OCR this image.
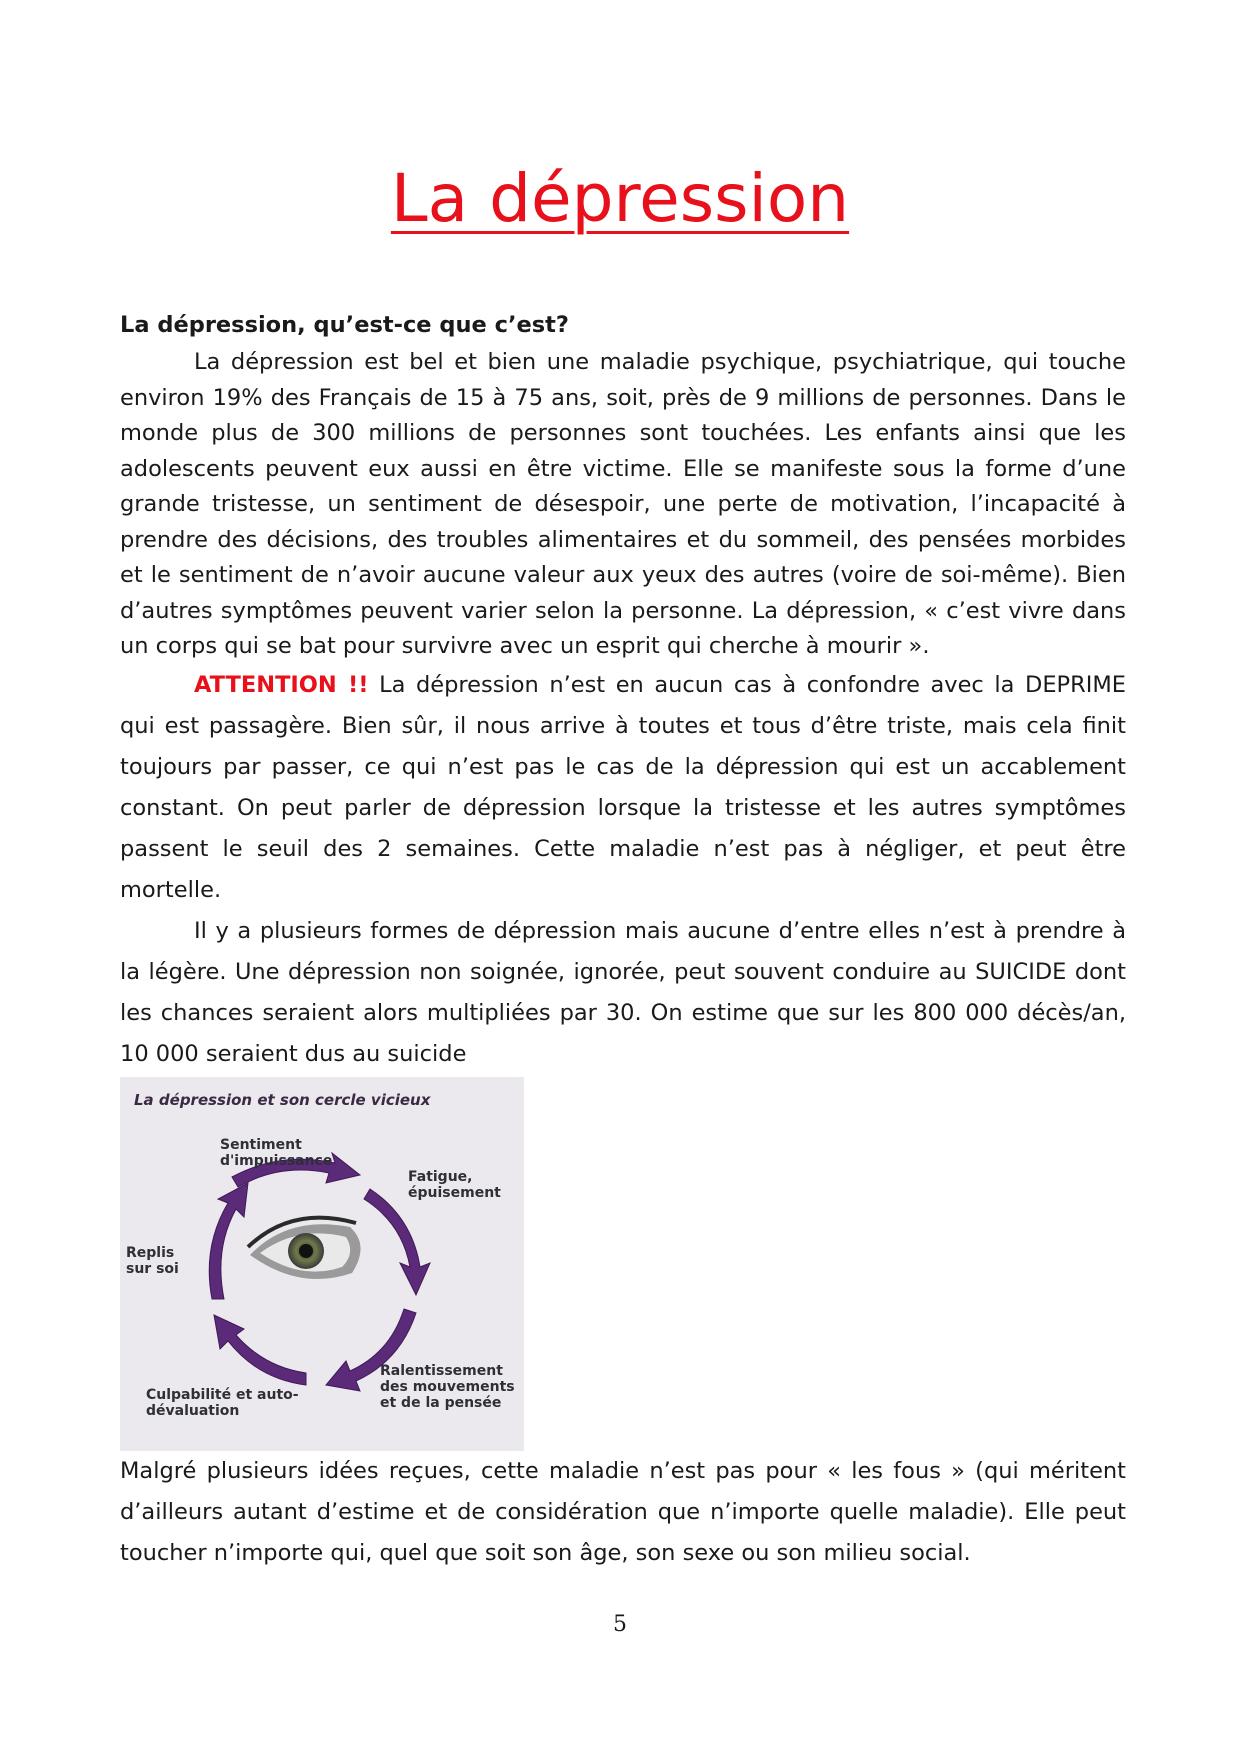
La dépression

La dépression, qu’est-ce que c’est?

La dépression est bel et bien une maladie psychique, psychiatrique, qui touche environ 19% des Français de 15 à 75 ans, soit, près de 9 millions de personnes. Dans le monde plus de 300 millions de personnes sont touchées. Les enfants ainsi que les adolescents peuvent eux aussi en être victime. Elle se manifeste sous la forme d’une grande tristesse, un sentiment de désespoir, une perte de motivation, l’incapacité à prendre des décisions, des troubles alimentaires et du sommeil, des pensées morbides et le sentiment de n’avoir aucune valeur aux yeux des autres (voire de soi-même). Bien d’autres symptômes peuvent varier selon la personne. La dépression, « c’est vivre dans un corps qui se bat pour survivre avec un esprit qui cherche à mourir ».

ATTENTION !! La dépression n’est en aucun cas à confondre avec la DEPRIME qui est passagère. Bien sûr, il nous arrive à toutes et tous d’être triste, mais cela finit toujours par passer, ce qui n’est pas le cas de la dépression qui est un accablement constant. On peut parler de dépression lorsque la tristesse et les autres symptômes passent le seuil des 2 semaines. Cette maladie n’est pas à négliger, et peut être mortelle.

Il y a plusieurs formes de dépression mais aucune d’entre elles n’est à prendre à la légère. Une dépression non soignée, ignorée, peut souvent conduire au SUICIDE dont les chances seraient alors multipliées par 30. On estime que sur les 800 000 décès/an, 10 000 seraient dus au suicide

La dépression et son cercle vicieux
Sentiment d'impuissance
Fatigue, épuisement
Replis sur soi
Ralentissement des mouvements et de la pensée
Culpabilité et auto-dévaluation

Malgré plusieurs idées reçues, cette maladie n’est pas pour « les fous » (qui méritent d’ailleurs autant d’estime et de considération que n’importe quelle maladie). Elle peut toucher n’importe qui, quel que soit son âge, son sexe ou son milieu social.

5
